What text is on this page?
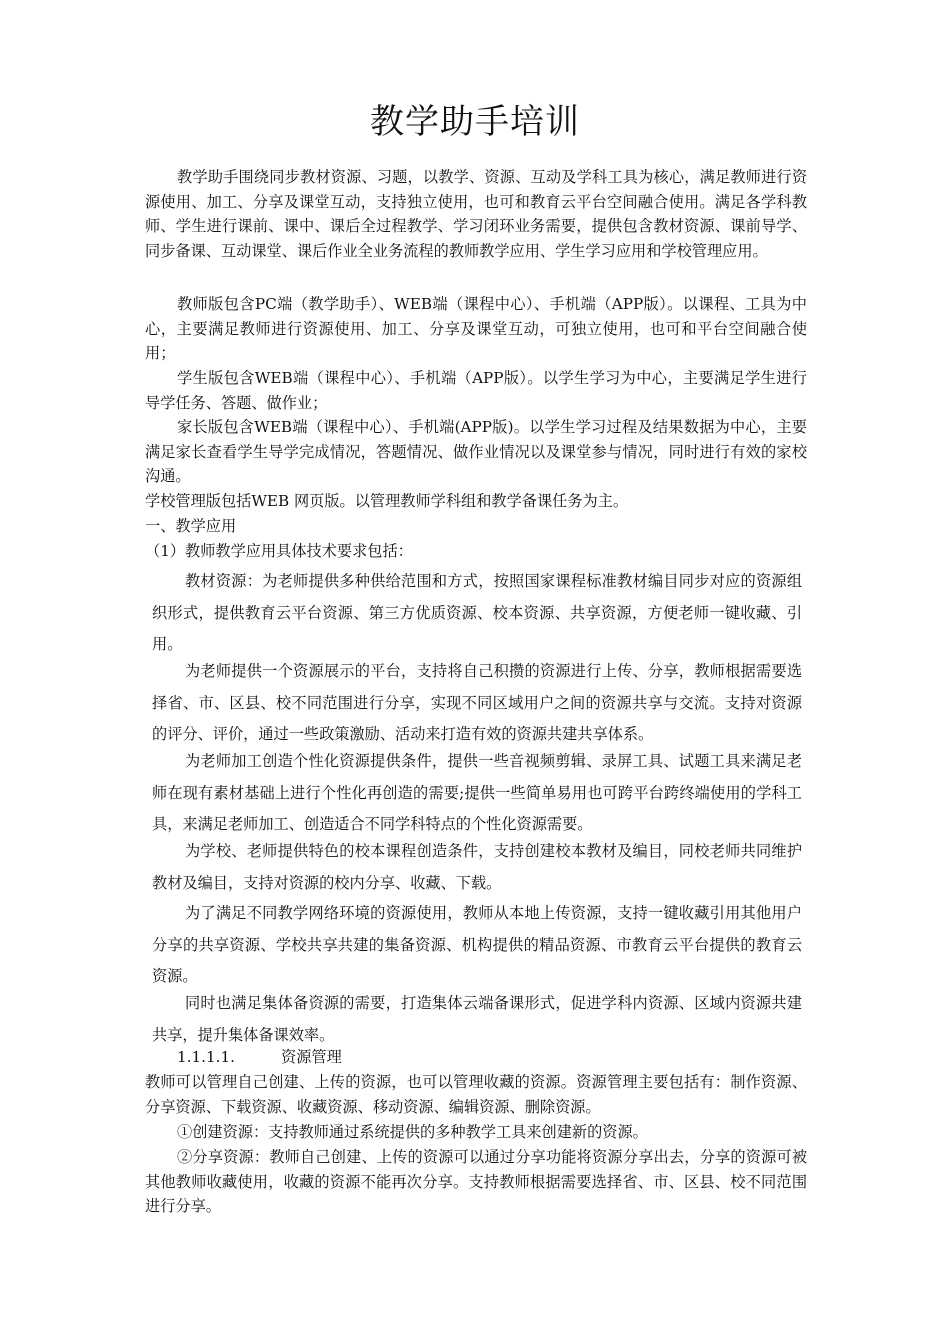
教学助手培训
教学助手围绕同步教材资源、习题，以教学、资源、互动及学科工具为核心，满足教师进行资源使用、加工、分享及课堂互动，支持独立使用，也可和教育云平台空间融合使用。满足各学科教师、学生进行课前、课中、课后全过程教学、学习闭环业务需要，提供包含教材资源、课前导学、同步备课、互动课堂、课后作业全业务流程的教师教学应用、学生学习应用和学校管理应用。
教师版包含PC端（教学助手）、WEB端（课程中心）、手机端（APP版）。以课程、工具为中心，主要满足教师进行资源使用、加工、分享及课堂互动，可独立使用，也可和平台空间融合使用；
学生版包含WEB端（课程中心）、手机端（APP版）。以学生学习为中心，主要满足学生进行导学任务、答题、做作业；
家长版包含WEB端（课程中心）、手机端(APP版)。以学生学习过程及结果数据为中心，主要满足家长查看学生导学完成情况，答题情况、做作业情况以及课堂参与情况，同时进行有效的家校沟通。
学校管理版包括WEB 网页版。以管理教师学科组和教学备课任务为主。
一、教学应用
（1）教师教学应用具体技术要求包括：
教材资源：为老师提供多种供给范围和方式，按照国家课程标准教材编目同步对应的资源组织形式，提供教育云平台资源、第三方优质资源、校本资源、共享资源，方便老师一键收藏、引用。
为老师提供一个资源展示的平台，支持将自己积攒的资源进行上传、分享，教师根据需要选择省、市、区县、校不同范围进行分享，实现不同区域用户之间的资源共享与交流。支持对资源的评分、评价，通过一些政策激励、活动来打造有效的资源共建共享体系。
为老师加工创造个性化资源提供条件，提供一些音视频剪辑、录屏工具、试题工具来满足老师在现有素材基础上进行个性化再创造的需要;提供一些简单易用也可跨平台跨终端使用的学科工具，来满足老师加工、创造适合不同学科特点的个性化资源需要。
为学校、老师提供特色的校本课程创造条件，支持创建校本教材及编目，同校老师共同维护教材及编目，支持对资源的校内分享、收藏、下载。
为了满足不同教学网络环境的资源使用，教师从本地上传资源，支持一键收藏引用其他用户分享的共享资源、学校共享共建的集备资源、机构提供的精品资源、市教育云平台提供的教育云资源。
同时也满足集体备资源的需要，打造集体云端备课形式，促进学科内资源、区域内资源共建共享，提升集体备课效率。
1.1.1.1.	资源管理
教师可以管理自己创建、上传的资源，也可以管理收藏的资源。资源管理主要包括有：制作资源、分享资源、下载资源、收藏资源、移动资源、编辑资源、删除资源。
①创建资源：支持教师通过系统提供的多种教学工具来创建新的资源。
②分享资源：教师自己创建、上传的资源可以通过分享功能将资源分享出去，分享的资源可被其他教师收藏使用，收藏的资源不能再次分享。支持教师根据需要选择省、市、区县、校不同范围进行分享。
